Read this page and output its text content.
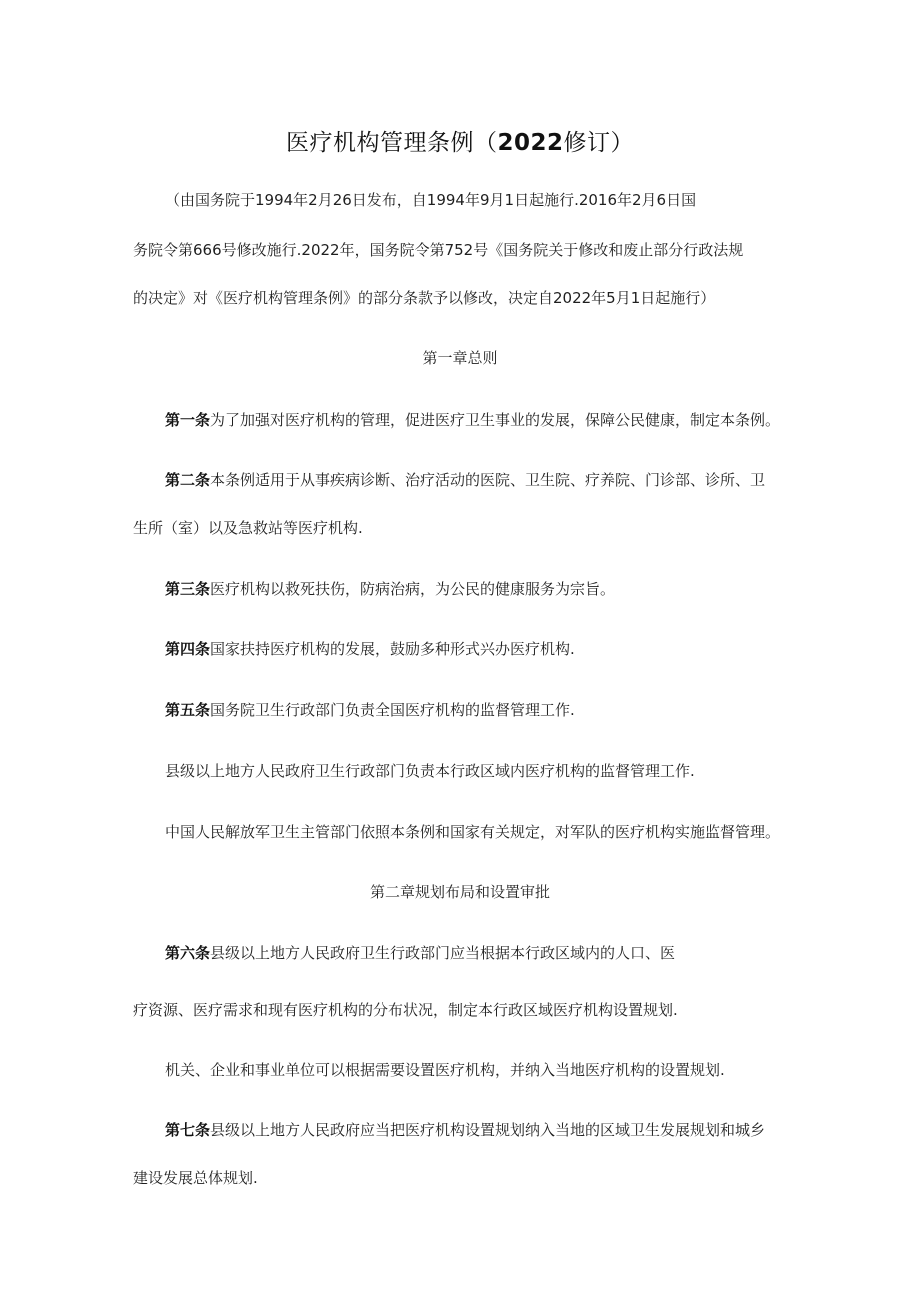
医疗机构管理条例（2022修订）
（由国务院于1994年2月26日发布，自1994年9月1日起施行.2016年2月6日国
务院令第666号修改施行.2022年，国务院令第752号《国务院关于修改和废止部分行政法规
的决定》对《医疗机构管理条例》的部分条款予以修改，决定自2022年5月1日起施行）
第一章总则
第一条为了加强对医疗机构的管理，促进医疗卫生事业的发展，保障公民健康，制定本条例。
第二条本条例适用于从事疾病诊断、治疗活动的医院、卫生院、疗养院、门诊部、诊所、卫
生所（室）以及急救站等医疗机构.
第三条医疗机构以救死扶伤，防病治病，为公民的健康服务为宗旨。
第四条国家扶持医疗机构的发展，鼓励多种形式兴办医疗机构.
第五条国务院卫生行政部门负责全国医疗机构的监督管理工作.
县级以上地方人民政府卫生行政部门负责本行政区域内医疗机构的监督管理工作.
中国人民解放军卫生主管部门依照本条例和国家有关规定，对军队的医疗机构实施监督管理。
第二章规划布局和设置审批
第六条县级以上地方人民政府卫生行政部门应当根据本行政区域内的人口、医
疗资源、医疗需求和现有医疗机构的分布状况，制定本行政区域医疗机构设置规划.
机关、企业和事业单位可以根据需要设置医疗机构，并纳入当地医疗机构的设置规划.
第七条县级以上地方人民政府应当把医疗机构设置规划纳入当地的区域卫生发展规划和城乡
建设发展总体规划.
